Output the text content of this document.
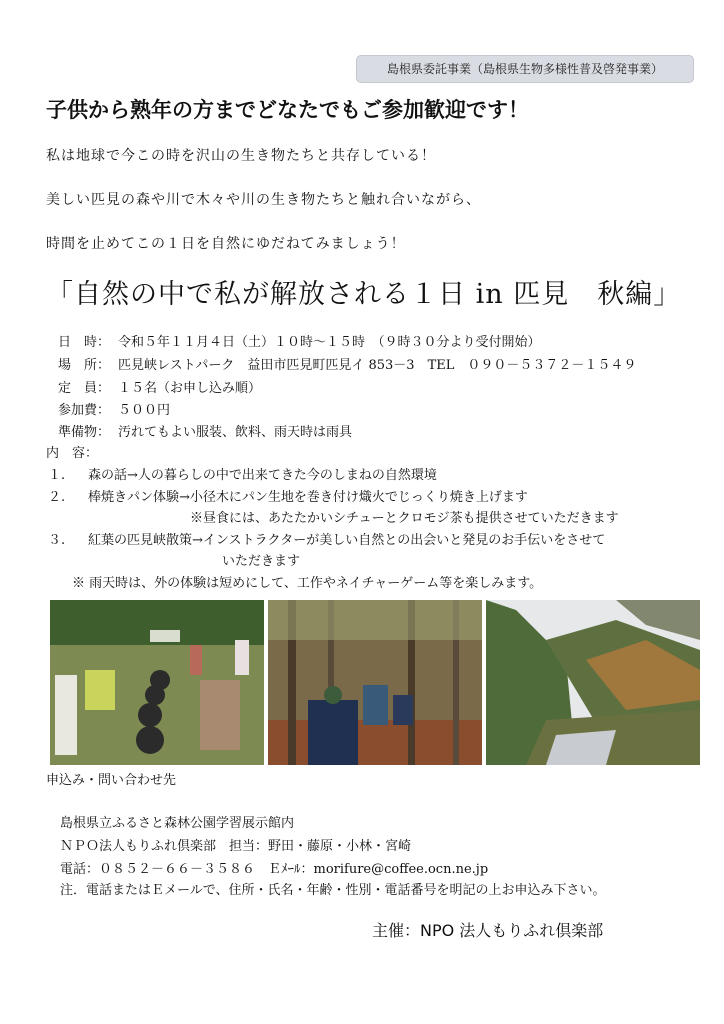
島根県委託事業（島根県生物多様性普及啓発事業）
子供から熟年の方までどなたでもご参加歓迎です！
私は地球で今この時を沢山の生き物たちと共存している！
美しい匹見の森や川で木々や川の生き物たちと触れ合いながら、
時間を止めてこの１日を自然にゆだねてみましょう！
「自然の中で私が解放される１日 in 匹見　秋編」
日　時： 令和５年１１月４日（土）１０時〜１５時　（９時３０分より受付開始）
場　所： 匹見峡レストパーク　益田市匹見町匹見イ 853－3　TEL　０９０－５３７２－１５４９
定　員： １５名（お申し込み順）
参加費： ５００円
準備物： 汚れてもよい服装、飲料、雨天時は雨具
内　容：
１. 森の話→人の暮らしの中で出来てきた今のしまねの自然環境
２. 棒焼きパン体験→小径木にパン生地を巻き付け熾火でじっくり焼き上げます
※昼食には、あたたかいシチューとクロモジ茶も提供させていただきます
３. 紅葉の匹見峡散策→インストラクターが美しい自然との出会いと発見のお手伝いをさせて
いただきます
※ 雨天時は、外の体験は短めにして、工作やネイチャーゲーム等を楽しみます。
申込み・問い合わせ先
島根県立ふるさと森林公園学習展示館内
ＮＰＯ法人もりふれ倶楽部　担当：野田・藤原・小林・宮崎
電話：０８５２－６６－３５８６　Ｅﾒｰﾙ：morifure@coffee.ocn.ne.jp
注．電話またはＥメールで、住所・氏名・年齢・性別・電話番号を明記の上お申込み下さい。
主催：NPO 法人もりふれ倶楽部
